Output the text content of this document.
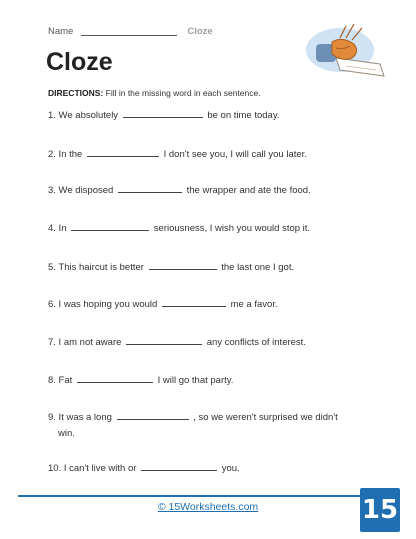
Name	Cloze
Cloze
DIRECTIONS: Fill in the missing word in each sentence.
1. We absolutely	be on time today.
2. In the	I don't see you, I will call you later.
3. We disposed	the wrapper and ate the food.
4. In	seriousness, I wish you would stop it.
5. This haircut is better	the last one I got.
6. I was hoping you would	me a favor.
7. I am not aware	any conflicts of interest.
8. Fat	I will go that party.
9. It was a long	, so we weren't surprised we didn't
win.
10. I can't live with or	you.
© 15Worksheets.com	15
